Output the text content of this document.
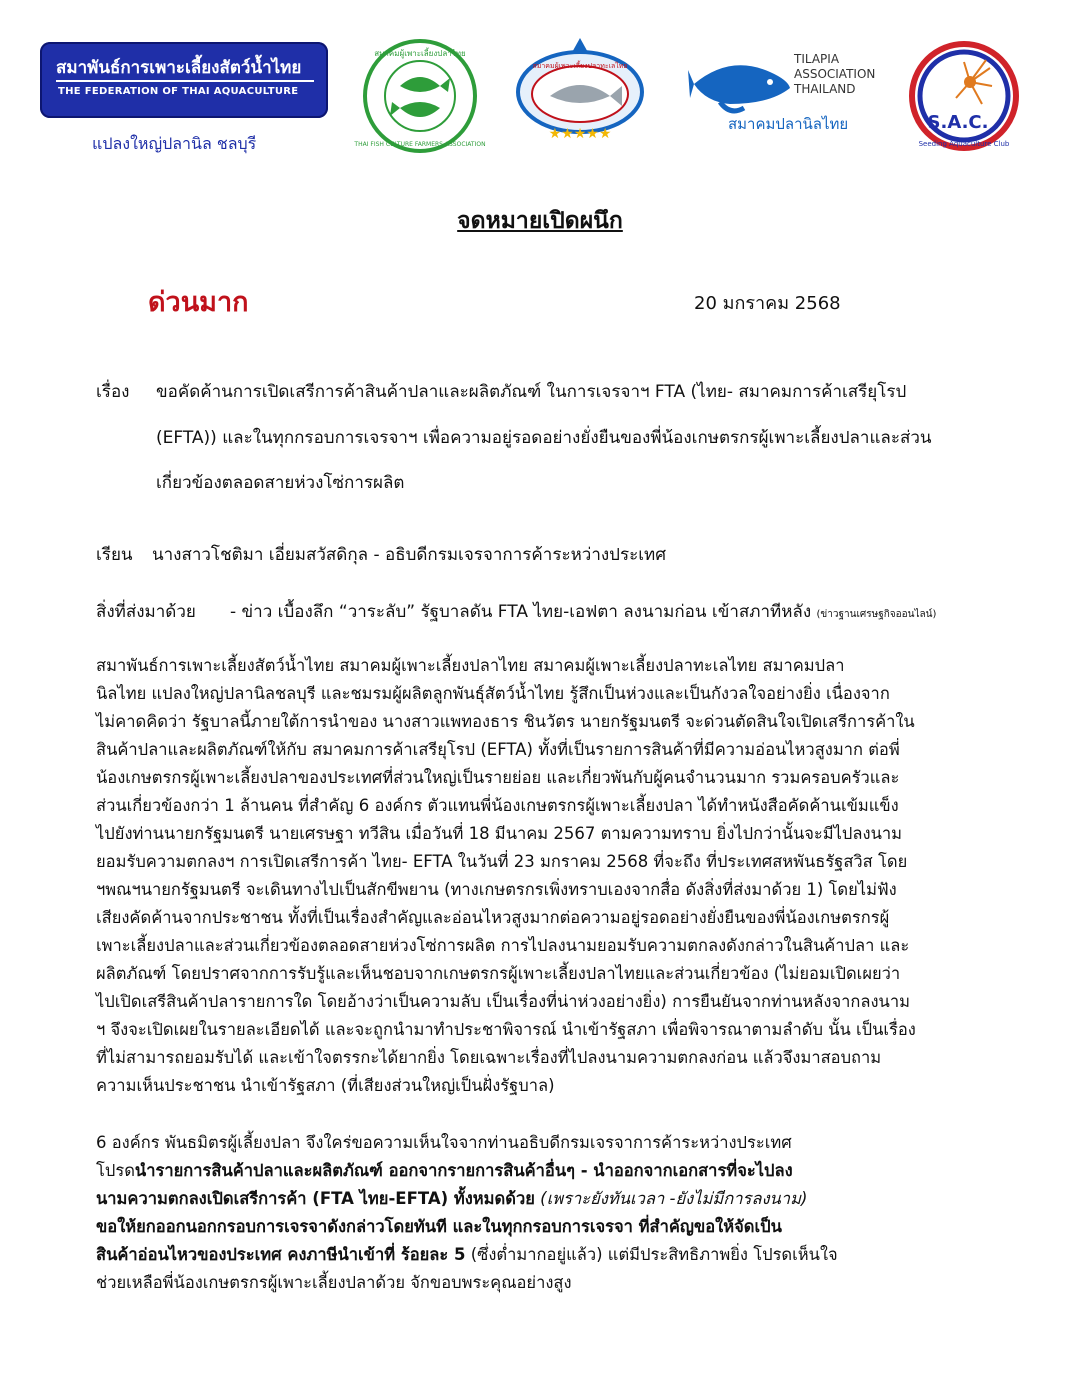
สมาพันธ์การเพาะเลี้ยงสัตว์น้ำไทย
THE FEDERATION OF THAI AQUACULTURE
แปลงใหญ่ปลานิล ชลบุรี
สมาคมผู้เพาะเลี้ยงปลาไทย
THAI FISH CULTURE FARMERS ASSOCIATION
สมาคมผู้เพาะเลี้ยงปลาทะเลไทย
★★★★★
TILAPIA
ASSOCIATION
THAILAND
สมาคมปลานิลไทย	S.A.C.
Seeding Aquaculture Club
จดหมายเปิดผนึก
ด่วนมาก	20 มกราคม 2568
เรื่อง ขอคัดค้านการเปิดเสรีการค้าสินค้าปลาและผลิตภัณฑ์ ในการเจรจาฯ FTA (ไทย- สมาคมการค้าเสรียุโรป
(EFTA)) และในทุกกรอบการเจรจาฯ เพื่อความอยู่รอดอย่างยั่งยืนของพี่น้องเกษตรกรผู้เพาะเลี้ยงปลาและส่วน
เกี่ยวข้องตลอดสายห่วงโซ่การผลิต
เรียน นางสาวโชติมา เอี่ยมสวัสดิกุล - อธิบดีกรมเจรจาการค้าระหว่างประเทศ
สิ่งที่ส่งมาด้วย - ข่าว เบื้องลึก “วาระลับ” รัฐบาลดัน FTA ไทย-เอฟตา ลงนามก่อน เข้าสภาทีหลัง (ข่าวฐานเศรษฐกิจออนไลน์)
สมาพันธ์การเพาะเลี้ยงสัตว์น้ำไทย สมาคมผู้เพาะเลี้ยงปลาไทย สมาคมผู้เพาะเลี้ยงปลาทะเลไทย สมาคมปลา
นิลไทย แปลงใหญ่ปลานิลชลบุรี และชมรมผู้ผลิตลูกพันธุ์สัตว์น้ำไทย รู้สึกเป็นห่วงและเป็นกังวลใจอย่างยิ่ง เนื่องจาก
ไม่คาดคิดว่า รัฐบาลนี้ภายใต้การนำของ นางสาวแพทองธาร ชินวัตร นายกรัฐมนตรี จะด่วนตัดสินใจเปิดเสรีการค้าใน
สินค้าปลาและผลิตภัณฑ์ให้กับ สมาคมการค้าเสรียุโรป (EFTA) ทั้งที่เป็นรายการสินค้าที่มีความอ่อนไหวสูงมาก ต่อพี่
น้องเกษตรกรผู้เพาะเลี้ยงปลาของประเทศที่ส่วนใหญ่เป็นรายย่อย และเกี่ยวพันกับผู้คนจำนวนมาก รวมครอบครัวและ
ส่วนเกี่ยวข้องกว่า 1 ล้านคน ที่สำคัญ 6 องค์กร ตัวแทนพี่น้องเกษตรกรผู้เพาะเลี้ยงปลา ได้ทำหนังสือคัดค้านเข้มแข็ง
ไปยังท่านนายกรัฐมนตรี นายเศรษฐา ทวีสิน เมื่อวันที่ 18 มีนาคม 2567 ตามความทราบ ยิ่งไปกว่านั้นจะมีไปลงนาม
ยอมรับความตกลงฯ การเปิดเสรีการค้า ไทย- EFTA ในวันที่ 23 มกราคม 2568 ที่จะถึง ที่ประเทศสหพันธรัฐสวิส โดย
ฯพณฯนายกรัฐมนตรี จะเดินทางไปเป็นสักขีพยาน (ทางเกษตรกรเพิ่งทราบเองจากสื่อ ดังสิ่งที่ส่งมาด้วย 1) โดยไม่ฟัง
เสียงคัดค้านจากประชาชน ทั้งที่เป็นเรื่องสำคัญและอ่อนไหวสูงมากต่อความอยู่รอดอย่างยั่งยืนของพี่น้องเกษตรกรผู้
เพาะเลี้ยงปลาและส่วนเกี่ยวข้องตลอดสายห่วงโซ่การผลิต การไปลงนามยอมรับความตกลงดังกล่าวในสินค้าปลา และ
ผลิตภัณฑ์ โดยปราศจากการรับรู้และเห็นชอบจากเกษตรกรผู้เพาะเลี้ยงปลาไทยและส่วนเกี่ยวข้อง (ไม่ยอมเปิดเผยว่า
ไปเปิดเสรีสินค้าปลารายการใด โดยอ้างว่าเป็นความลับ เป็นเรื่องที่น่าห่วงอย่างยิ่ง) การยืนยันจากท่านหลังจากลงนาม
ฯ จึงจะเปิดเผยในรายละเอียดได้ และจะถูกนำมาทำประชาพิจารณ์ นำเข้ารัฐสภา เพื่อพิจารณาตามลำดับ นั้น เป็นเรื่อง
ที่ไม่สามารถยอมรับได้ และเข้าใจตรรกะได้ยากยิ่ง โดยเฉพาะเรื่องที่ไปลงนามความตกลงก่อน แล้วจึงมาสอบถาม
ความเห็นประชาชน นำเข้ารัฐสภา (ที่เสียงส่วนใหญ่เป็นฝั่งรัฐบาล)
6 องค์กร พันธมิตรผู้เลี้ยงปลา จึงใคร่ขอความเห็นใจจากท่านอธิบดีกรมเจรจาการค้าระหว่างประเทศ
โปรดนำรายการสินค้าปลาและผลิตภัณฑ์ ออกจากรายการสินค้าอื่นๆ - นำออกจากเอกสารที่จะไปลง
นามความตกลงเปิดเสรีการค้า (FTA ไทย-EFTA) ทั้งหมดด้วย (เพราะยังทันเวลา -ยังไม่มีการลงนาม)
ขอให้ยกออกนอกกรอบการเจรจาดังกล่าวโดยทันที และในทุกกรอบการเจรจา ที่สำคัญขอให้จัดเป็น
สินค้าอ่อนไหวของประเทศ คงภาษีนำเข้าที่ ร้อยละ 5 (ซึ่งต่ำมากอยู่แล้ว) แต่มีประสิทธิภาพยิ่ง โปรดเห็นใจ
ช่วยเหลือพี่น้องเกษตรกรผู้เพาะเลี้ยงปลาด้วย จักขอบพระคุณอย่างสูง
